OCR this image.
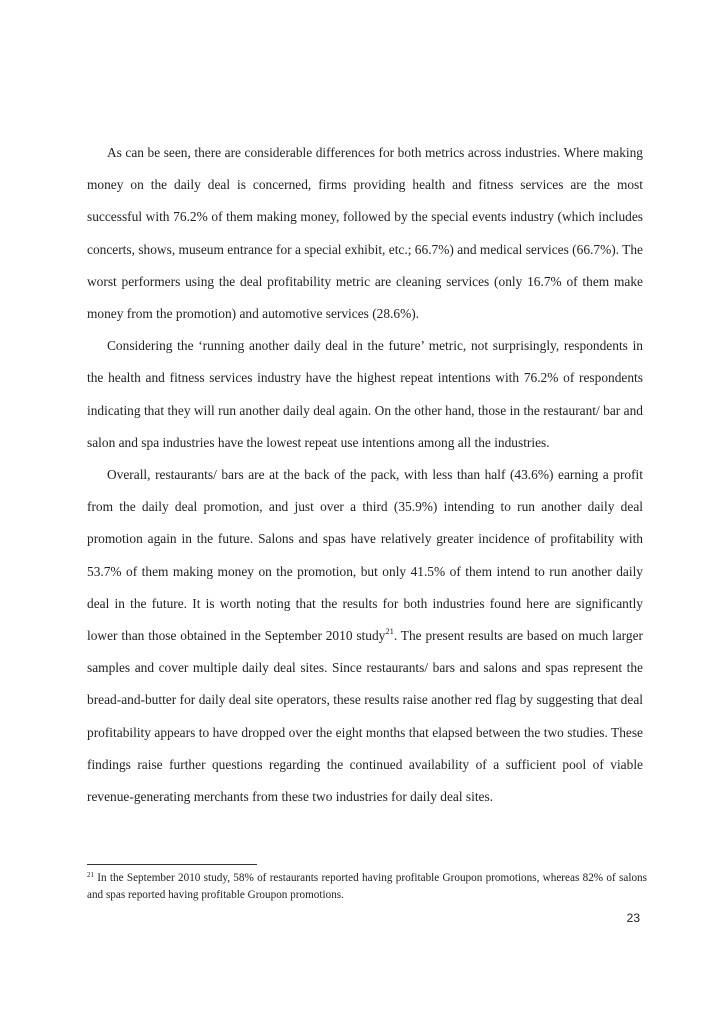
As can be seen, there are considerable differences for both metrics across industries. Where making money on the daily deal is concerned, firms providing health and fitness services are the most successful with 76.2% of them making money, followed by the special events industry (which includes concerts, shows, museum entrance for a special exhibit, etc.; 66.7%) and medical services (66.7%). The worst performers using the deal profitability metric are cleaning services (only 16.7% of them make money from the promotion) and automotive services (28.6%).

Considering the ‘running another daily deal in the future’ metric, not surprisingly, respondents in the health and fitness services industry have the highest repeat intentions with 76.2% of respondents indicating that they will run another daily deal again. On the other hand, those in the restaurant/ bar and salon and spa industries have the lowest repeat use intentions among all the industries.

Overall, restaurants/ bars are at the back of the pack, with less than half (43.6%) earning a profit from the daily deal promotion, and just over a third (35.9%) intending to run another daily deal promotion again in the future. Salons and spas have relatively greater incidence of profitability with 53.7% of them making money on the promotion, but only 41.5% of them intend to run another daily deal in the future. It is worth noting that the results for both industries found here are significantly lower than those obtained in the September 2010 study$^{21}$. The present results are based on much larger samples and cover multiple daily deal sites. Since restaurants/ bars and salons and spas represent the bread-and-butter for daily deal site operators, these results raise another red flag by suggesting that deal profitability appears to have dropped over the eight months that elapsed between the two studies. These findings raise further questions regarding the continued availability of a sufficient pool of viable revenue-generating merchants from these two industries for daily deal sites.

$^{21}$ In the September 2010 study, 58% of restaurants reported having profitable Groupon promotions, whereas 82% of salons and spas reported having profitable Groupon promotions.

23
